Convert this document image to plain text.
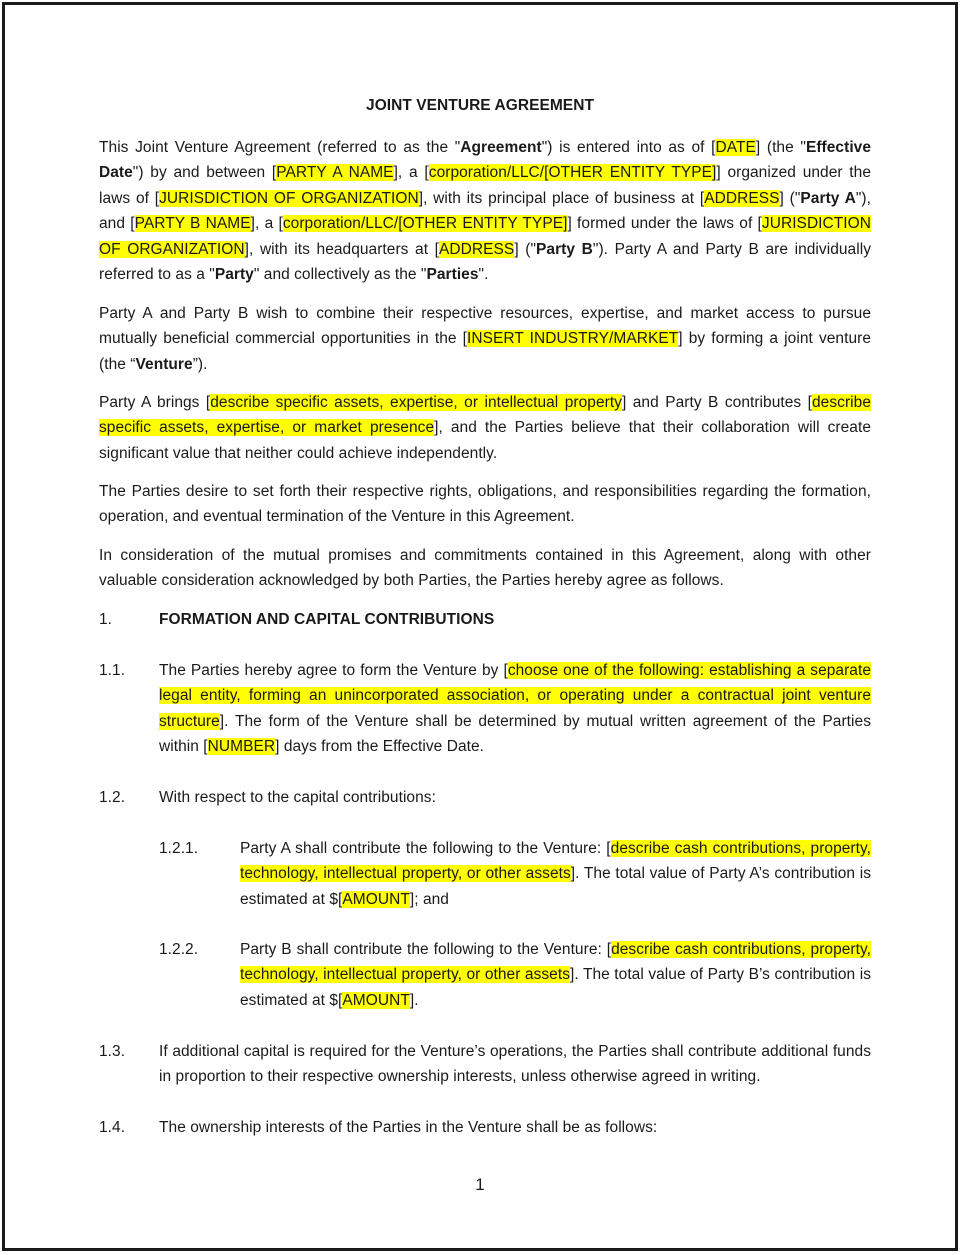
JOINT VENTURE AGREEMENT

This Joint Venture Agreement (referred to as the "Agreement") is entered into as of [DATE] (the "Effective Date") by and between [PARTY A NAME], a [corporation/LLC/[OTHER ENTITY TYPE]] organized under the laws of [JURISDICTION OF ORGANIZATION], with its principal place of business at [ADDRESS] ("Party A"), and [PARTY B NAME], a [corporation/LLC/[OTHER ENTITY TYPE]] formed under the laws of [JURISDICTION OF ORGANIZATION], with its headquarters at [ADDRESS] ("Party B"). Party A and Party B are individually referred to as a "Party" and collectively as the "Parties".

Party A and Party B wish to combine their respective resources, expertise, and market access to pursue mutually beneficial commercial opportunities in the [INSERT INDUSTRY/MARKET] by forming a joint venture (the “Venture”).

Party A brings [describe specific assets, expertise, or intellectual property] and Party B contributes [describe specific assets, expertise, or market presence], and the Parties believe that their collaboration will create significant value that neither could achieve independently.

The Parties desire to set forth their respective rights, obligations, and responsibilities regarding the formation, operation, and eventual termination of the Venture in this Agreement.

In consideration of the mutual promises and commitments contained in this Agreement, along with other valuable consideration acknowledged by both Parties, the Parties hereby agree as follows.

1.	FORMATION AND CAPITAL CONTRIBUTIONS
1.1. The Parties hereby agree to form the Venture by [choose one of the following: establishing a separate legal entity, forming an unincorporated association, or operating under a contractual joint venture structure]. The form of the Venture shall be determined by mutual written agreement of the Parties within [NUMBER] days from the Effective Date.

1.2. With respect to the capital contributions:

1.2.1.	Party A shall contribute the following to the Venture: [describe cash contributions, property, technology, intellectual property, or other assets]. The total value of Party A’s contribution is estimated at $[AMOUNT]; and

1.2.2.	Party B shall contribute the following to the Venture: [describe cash contributions, property, technology, intellectual property, or other assets]. The total value of Party B’s contribution is estimated at $[AMOUNT].

1.3. If additional capital is required for the Venture’s operations, the Parties shall contribute additional funds in proportion to their respective ownership interests, unless otherwise agreed in writing.

1.4. The ownership interests of the Parties in the Venture shall be as follows:

1
